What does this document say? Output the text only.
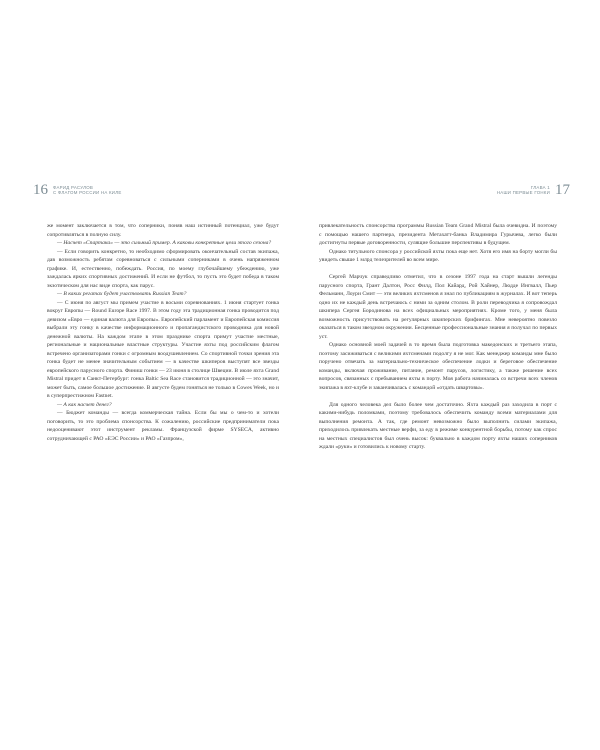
16 ФАРИД РАСУЛОВ
С ФЛАГОМ РОССИИ НА КИЛЕ
ГЛАВА 1
НАШИ ПЕРВЫЕ ГОНКИ 17

же момент заключается в том, что соперники, поняв наш истинный потенциал, уже будут сопротивляться в полную силу.

— Насчет «Спартака» — это сильный пример. А каковы конкретные цели этого сезона?

— Если говорить конкретно, то необходимо сформировать окончательный состав экипажа, дав возможность ребятам соревноваться с сильными соперниками в очень напряженном графике. И, естественно, побеждать. Россия, по моему глубочайшему убеждению, уже заждалась ярких спортивных достижений. И если не футбол, то пусть это будет победа в таком экзотическом для нас виде спорта, как парус.

— В каких регатах будет участвовать Russian Team?

— С июня по август мы примем участие в восьми соревнованиях. 1 июня стартует гонка вокруг Европы — Round Europe Race 1997. В этом году эта традиционная гонка проводится под девизом «Евро — единая валюта для Европы». Европейский парламент и Европейская комиссия выбрали эту гонку в качестве информационного и пропагандистского проводника для новой денежной валюты. На каждом этапе в этом празднике спорта примут участие местные, региональные и национальные властные структуры. Участие яхты под российским флагом встречено организаторами гонки с огромным воодушевлением. Со спортивной точки зрения эта гонка будет не менее значительным событием — в качестве шкиперов выступят все звезды европейского парусного спорта. Финиш гонки — 23 июня в столице Швеции. В июле яхта Grand Mistral придет в Санкт-Петербург: гонка Baltic Sea Race становится традиционной — это значит, может быть, самое большое достижение. В августе будем гоняться не только в Cowes Week, но и в суперпрестижном Fastnet.

— А как насчет денег?

— Бюджет команды — всегда коммерческая тайна. Если бы мы о чем-то и хотели поговорить, то это проблема спонсорства. К сожалению, российские предприниматели пока недооценивают этот инструмент рекламы. Французской фирме SYSECA, активно сотрудничающей с РАО «ЕЭС России» и РАО «Газпром»,

привлекательность спонсорства программы Russian Team Grand Mistral была очевидна. И поэтому с помощью нашего партнера, президента Метахатт-банка Владимира Гурычева, легко были достигнуты первые договоренности, сулящие большие перспективы в будущем.

Однако титульного спонсора у российской яхты пока еще нет. Хотя его имя на борту могли бы увидеть свыше 1 млрд телезрителей во всем мире.

Сергей Марчук справедливо отметил, что в сезоне 1997 года на старт вышли легенды парусного спорта, Грант Далтон, Росс Филд, Пол Кайард, Рой Хайнер, Людде Ингвалл, Пьер Фельманн, Лоури Смит — эти великих яхтсменов я знал по публикациям в журналах. И вот теперь одно их не каждый день встречаюсь с ними за одним столом. В роли переводчика я сопровождал шкипера Сергея Бородинова на всех официальных мероприятиях. Кроме того, у меня была возможность присутствовать на регулярных шкиперских брифингах. Мне невероятно повезло оказаться в таком звездном окружении. Бесценные профессиональные знания я получал по первых уст.

Однако основной моей задачей в то время была подготовка македонских и третьего этапа, поэтому засиживаться с великими яхтсменами подолгу я не мог. Как менеджер команды мне было поручено отвечать за материально-техническое обеспечение лодки и береговое обеспечение команды, включая проживание, питание, ремонт парусов, логистику, а также решение всех вопросов, связанных с пребыванием яхты в порту. Моя работа начиналась со встречи всех членов экипажа в яхт-клубе и заканчивалась с командой «отдать швартовы».

Для одного человека дел было более чем достаточно. Яхта каждый раз заходила в порт с какими-нибудь поломками, поэтому требовалось обеспечить команду всеми материалами для выполнения ремонта. А так, где ремонт невозможно было выполнить силами экипажа, приходилось привлекать местные верфи, за еду в режиме конкурентной борьбы, потому как спрос на местных специалистов был очень высок: буквально в каждом порту яхты наших соперников ждали «руки» и готовились к новому старту.
